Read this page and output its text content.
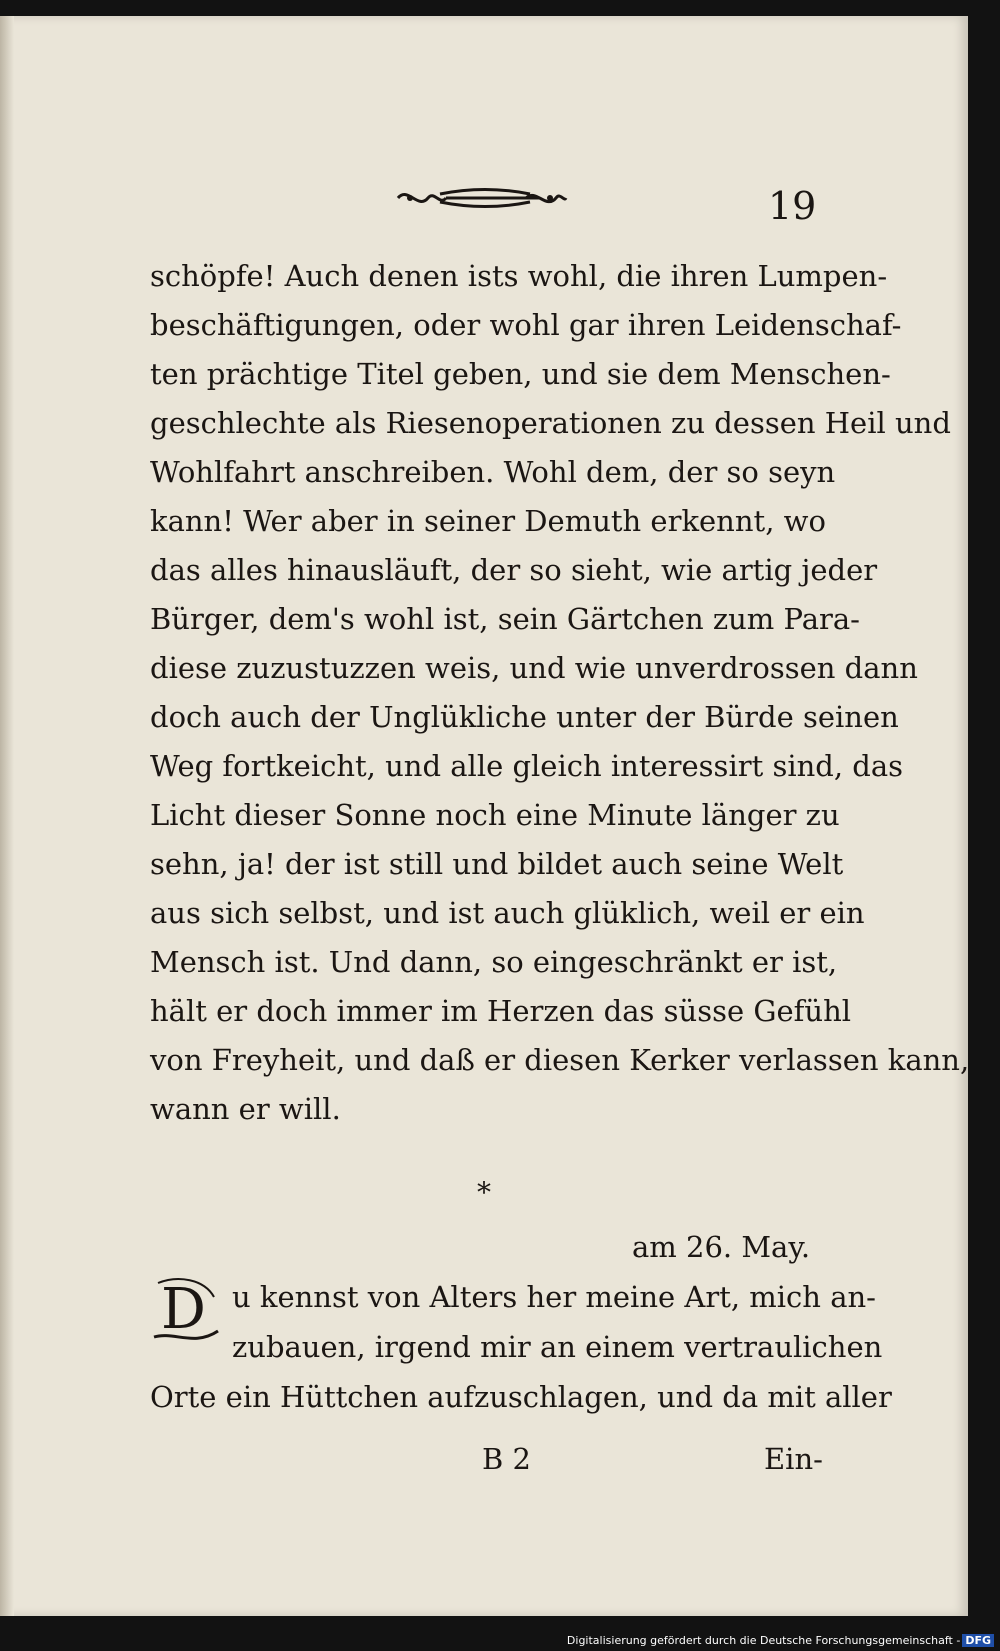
19
schöpfe! Auch denen ists wohl, die ihren Lumpen-
beschäftigungen, oder wohl gar ihren Leidenschaf-
ten prächtige Titel geben, und sie dem Menschen-
geschlechte als Riesenoperationen zu dessen Heil und
Wohlfahrt anschreiben. Wohl dem, der so seyn
kann! Wer aber in seiner Demuth erkennt, wo
das alles hinausläuft, der so sieht, wie artig jeder
Bürger, dem's wohl ist, sein Gärtchen zum Para-
diese zuzustuzzen weis, und wie unverdrossen dann
doch auch der Unglükliche unter der Bürde seinen
Weg fortkeicht, und alle gleich interessirt sind, das
Licht dieser Sonne noch eine Minute länger zu
sehn, ja! der ist still und bildet auch seine Welt
aus sich selbst, und ist auch glüklich, weil er ein
Mensch ist. Und dann, so eingeschränkt er ist,
hält er doch immer im Herzen das süsse Gefühl
von Freyheit, und daß er diesen Kerker verlassen kann,
wann er will.
*
am 26. May.
D u kennst von Alters her meine Art, mich an-
zubauen, irgend mir an einem vertraulichen
Orte ein Hüttchen aufzuschlagen, und da mit aller
B 2	Ein-
Digitalisierung gefördert durch die Deutsche Forschungsgemeinschaft - DFG
